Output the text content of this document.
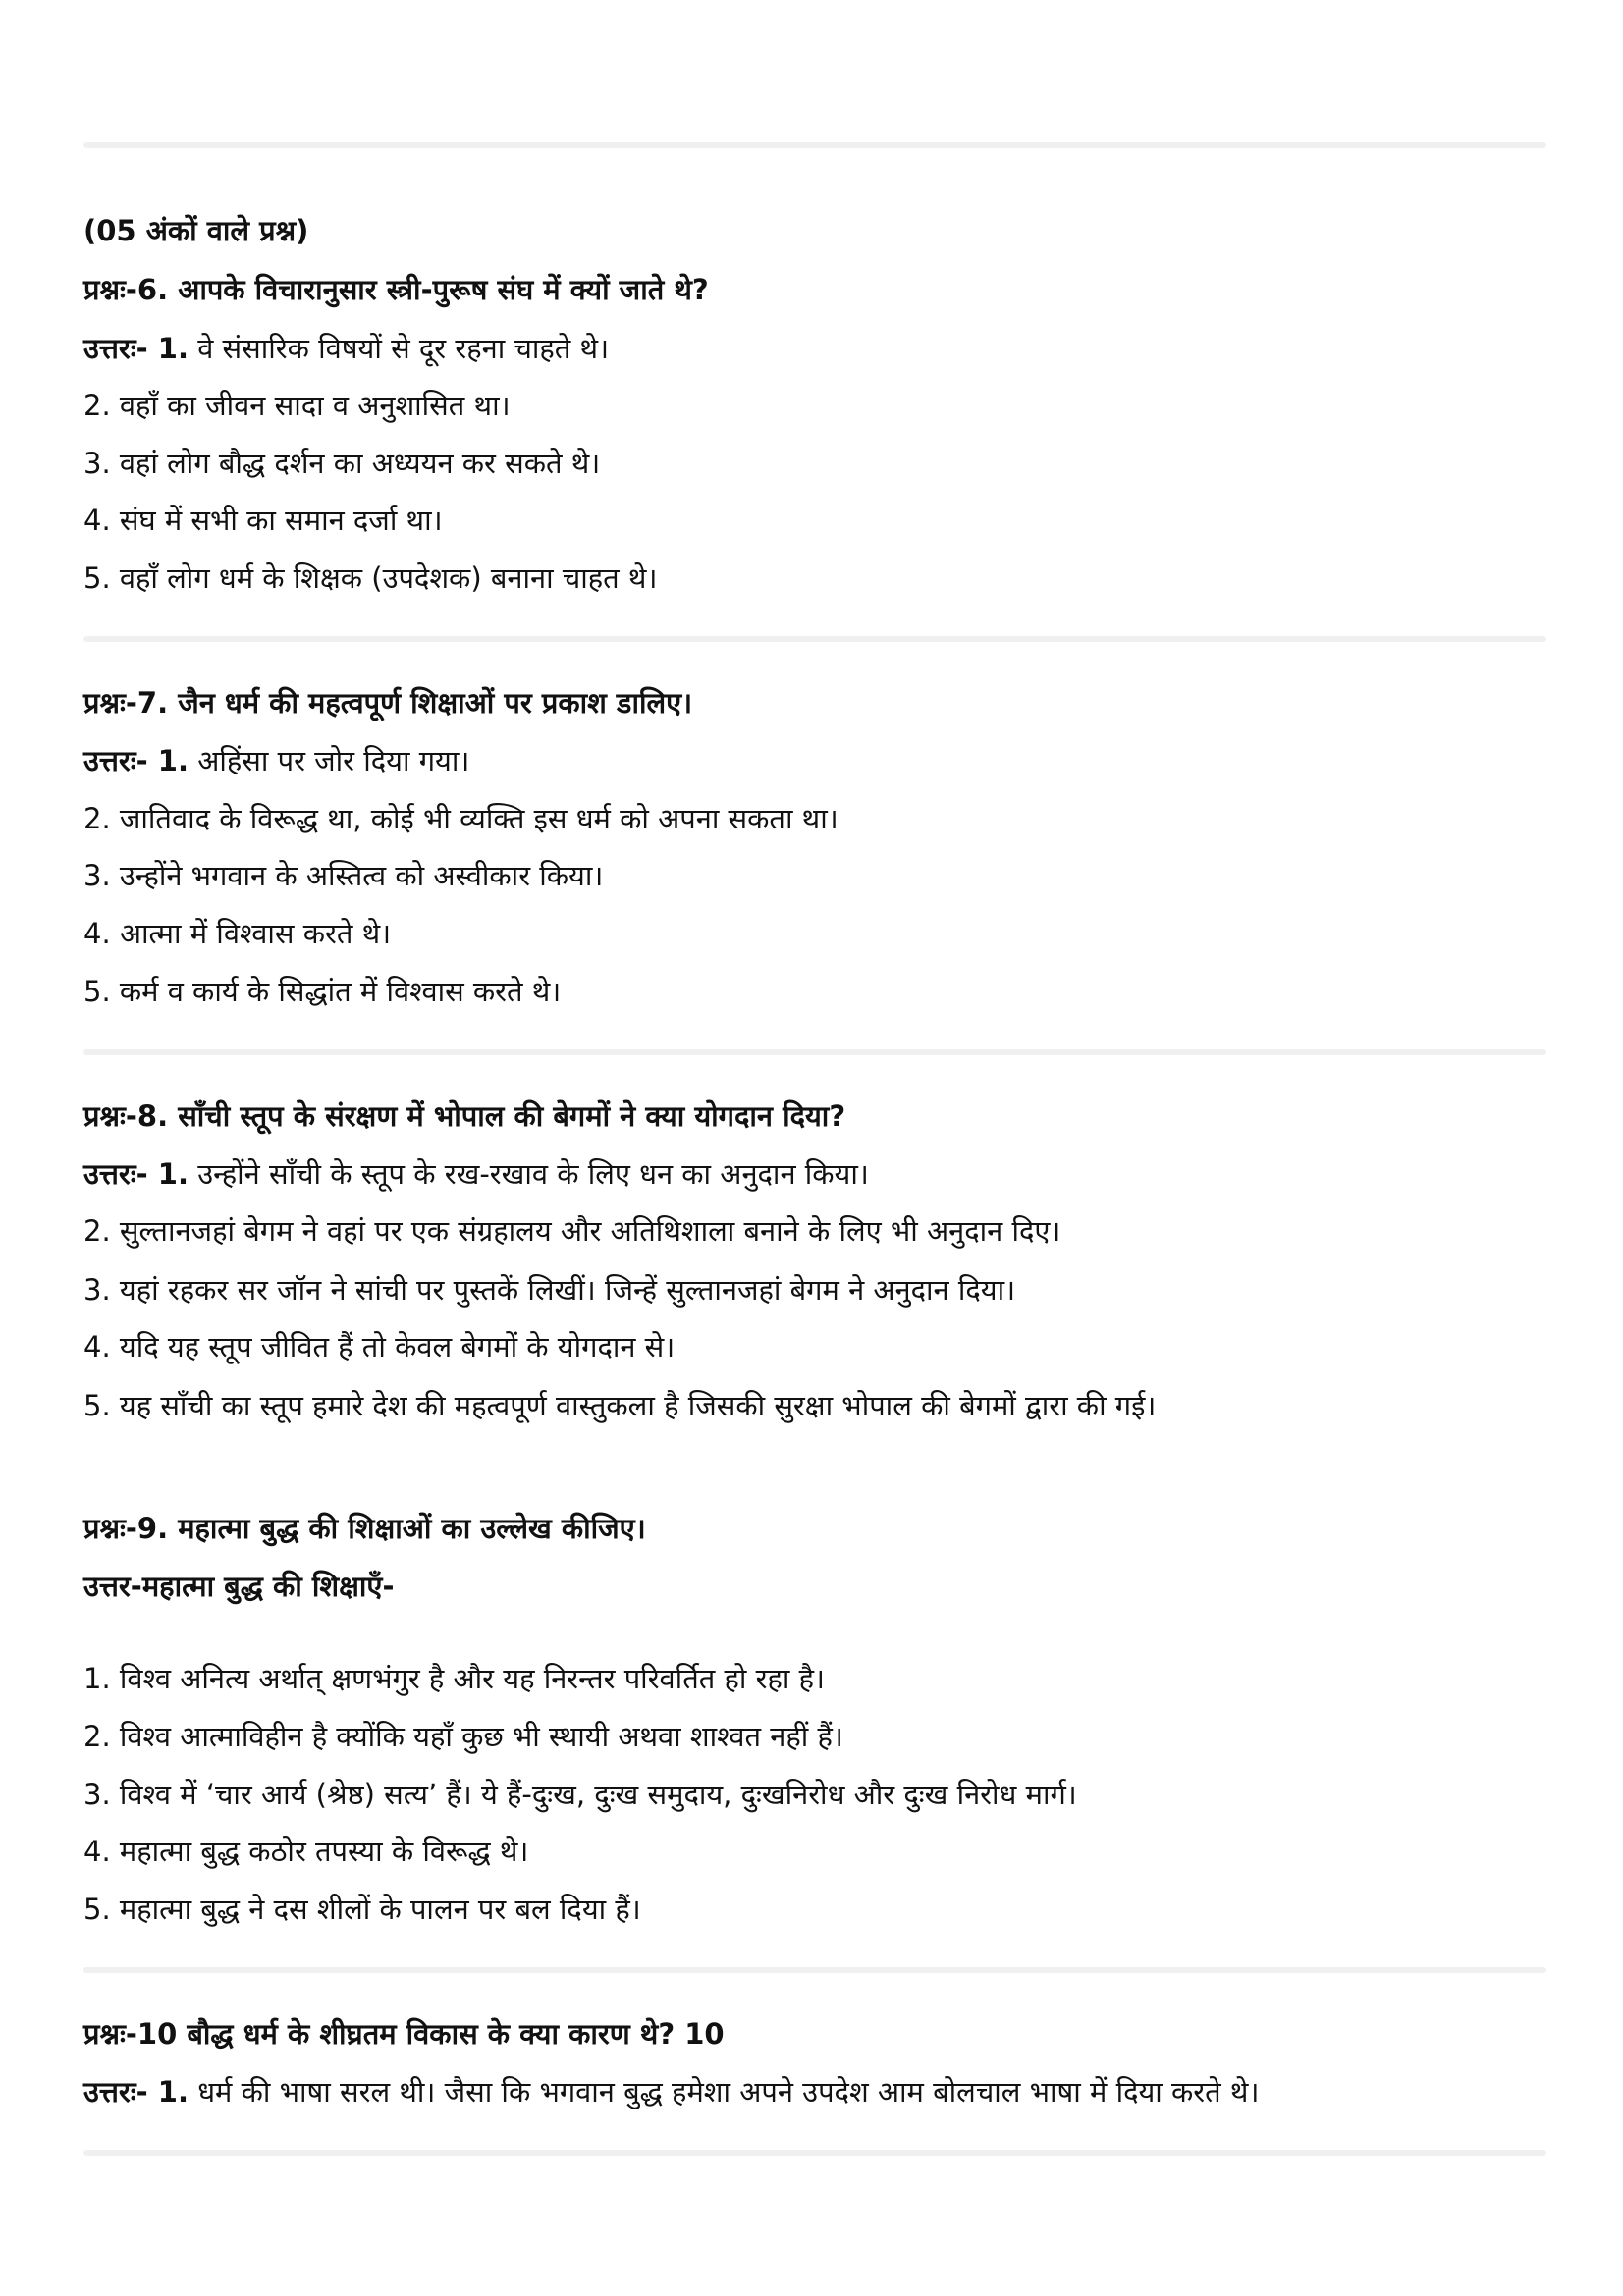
(05 अंकों वाले प्रश्न)
प्रश्नः-6. आपके विचारानुसार स्त्री-पुरूष संघ में क्यों जाते थे?
उत्तरः- 1. वे संसारिक विषयों से दूर रहना चाहते थे।
2. वहाँ का जीवन सादा व अनुशासित था।
3. वहां लोग बौद्ध दर्शन का अध्ययन कर सकते थे।
4. संघ में सभी का समान दर्जा था।
5. वहाँ लोग धर्म के शिक्षक (उपदेशक) बनाना चाहत थे।
प्रश्नः-7. जैन धर्म की महत्वपूर्ण शिक्षाओं पर प्रकाश डालिए।
उत्तरः- 1. अहिंसा पर जोर दिया गया।
2. जातिवाद के विरूद्ध था, कोई भी व्यक्ति इस धर्म को अपना सकता था।
3. उन्होंने भगवान के अस्तित्व को अस्वीकार किया।
4. आत्मा में विश्वास करते थे।
5. कर्म व कार्य के सिद्धांत में विश्वास करते थे।
प्रश्नः-8. साँची स्तूप के संरक्षण में भोपाल की बेगमों ने क्या योगदान दिया?
उत्तरः- 1. उन्होंने साँची के स्तूप के रख-रखाव के लिए धन का अनुदान किया।
2. सुल्तानजहां बेगम ने वहां पर एक संग्रहालय और अतिथिशाला बनाने के लिए भी अनुदान दिए।
3. यहां रहकर सर जॉन ने सांची पर पुस्तकें लिखीं। जिन्हें सुल्तानजहां बेगम ने अनुदान दिया।
4. यदि यह स्तूप जीवित हैं तो केवल बेगमों के योगदान से।
5. यह साँची का स्तूप हमारे देश की महत्वपूर्ण वास्तुकला है जिसकी सुरक्षा भोपाल की बेगमों द्वारा की गई।
प्रश्नः-9. महात्मा बुद्ध की शिक्षाओं का उल्लेख कीजिए।
उत्तर-महात्मा बुद्ध की शिक्षाएँ-
1. विश्व अनित्य अर्थात् क्षणभंगुर है और यह निरन्तर परिवर्तित हो रहा है।
2. विश्व आत्माविहीन है क्योंकि यहाँ कुछ भी स्थायी अथवा शाश्वत नहीं हैं।
3. विश्व में ‘चार आर्य (श्रेष्ठ) सत्य’ हैं। ये हैं-दुःख, दुःख समुदाय, दुःखनिरोध और दुःख निरोध मार्ग।
4. महात्मा बुद्ध कठोर तपस्या के विरूद्ध थे।
5. महात्मा बुद्ध ने दस शीलों के पालन पर बल दिया हैं।
प्रश्नः-10 बौद्ध धर्म के शीघ्रतम विकास के क्या कारण थे? 10
उत्तरः- 1. धर्म की भाषा सरल थी। जैसा कि भगवान बुद्ध हमेशा अपने उपदेश आम बोलचाल भाषा में दिया करते थे।
